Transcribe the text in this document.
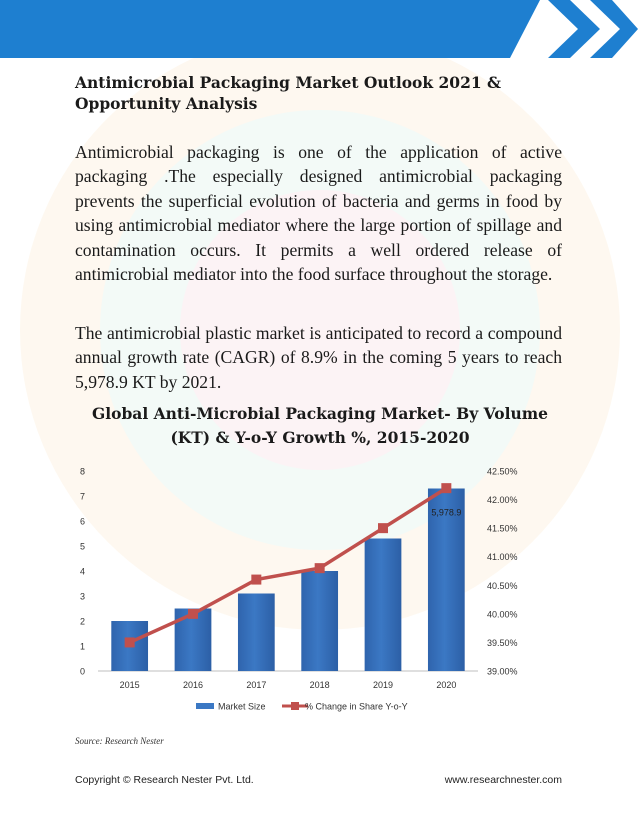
Antimicrobial Packaging Market Outlook 2021 & Opportunity Analysis

Antimicrobial packaging is one of the application of active packaging .The especially designed antimicrobial packaging prevents the superficial evolution of bacteria and germs in food by using antimicrobial mediator where the large portion of spillage and contamination occurs. It permits a well ordered release of antimicrobial mediator into the food surface throughout the storage.

The antimicrobial plastic market is anticipated to record a compound annual growth rate (CAGR) of 8.9% in the coming 5 years to reach 5,978.9 KT by 2021.

Global Anti-Microbial Packaging Market- By Volume (KT) & Y-o-Y Growth %, 2015-2020
0
1
2
3
4
5
6
7
8
39.00%
39.50%
40.00%
40.50%
41.00%
41.50%
42.00%
42.50%
2015	2016	2017	2018	2019	2020
5,978.9
Market Size	% Change in Share Y-o-Y
Source: Research Nester
Copyright © Research Nester Pvt. Ltd.	www.researchnester.com
